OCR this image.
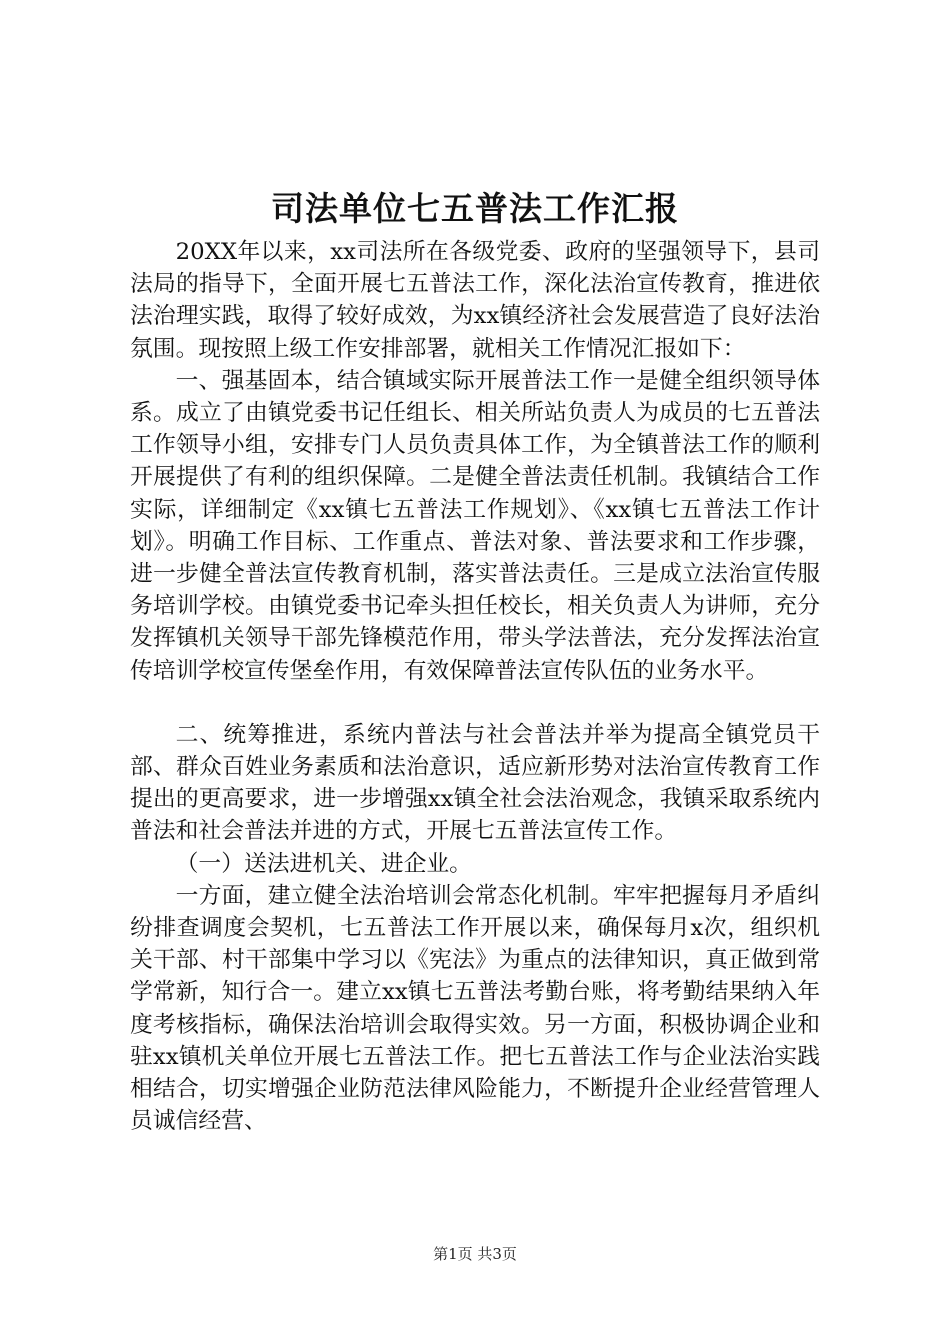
司法单位七五普法工作汇报

20XX年以来，xx司法所在各级党委、政府的坚强领导下，县司法局的指导下，全面开展七五普法工作，深化法治宣传教育，推进依法治理实践，取得了较好成效，为xx镇经济社会发展营造了良好法治氛围。现按照上级工作安排部署，就相关工作情况汇报如下：

一、强基固本，结合镇域实际开展普法工作一是健全组织领导体系。成立了由镇党委书记任组长、相关所站负责人为成员的七五普法工作领导小组，安排专门人员负责具体工作，为全镇普法工作的顺利开展提供了有利的组织保障。二是健全普法责任机制。我镇结合工作实际，详细制定《xx镇七五普法工作规划》、《xx镇七五普法工作计划》。明确工作目标、工作重点、普法对象、普法要求和工作步骤，进一步健全普法宣传教育机制，落实普法责任。三是成立法治宣传服务培训学校。由镇党委书记牵头担任校长，相关负责人为讲师，充分发挥镇机关领导干部先锋模范作用，带头学法普法，充分发挥法治宣传培训学校宣传堡垒作用，有效保障普法宣传队伍的业务水平。

二、统筹推进，系统内普法与社会普法并举为提高全镇党员干部、群众百姓业务素质和法治意识，适应新形势对法治宣传教育工作提出的更高要求，进一步增强xx镇全社会法治观念，我镇采取系统内普法和社会普法并进的方式，开展七五普法宣传工作。

（一）送法进机关、进企业。

一方面，建立健全法治培训会常态化机制。牢牢把握每月矛盾纠纷排查调度会契机，七五普法工作开展以来，确保每月x次，组织机关干部、村干部集中学习以《宪法》为重点的法律知识，真正做到常学常新，知行合一。建立xx镇七五普法考勤台账，将考勤结果纳入年度考核指标，确保法治培训会取得实效。另一方面，积极协调企业和驻xx镇机关单位开展七五普法工作。把七五普法工作与企业法治实践相结合，切实增强企业防范法律风险能力，不断提升企业经营管理人员诚信经营、

第1页 共3页
